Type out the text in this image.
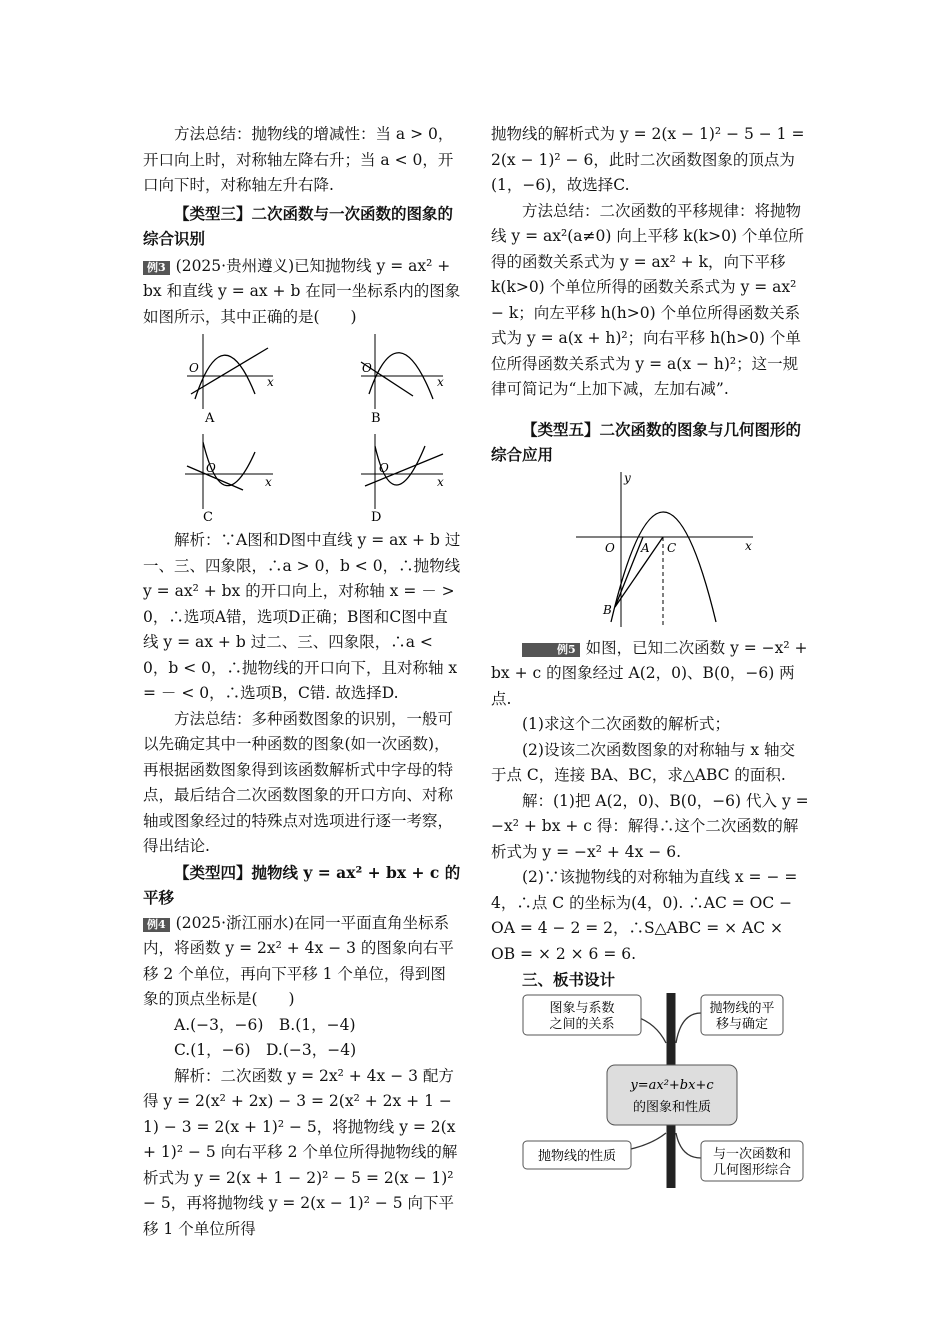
方法总结：抛物线的增减性：当 a > 0，开口向上时，对称轴左降右升；当 a < 0，开口向下时，对称轴左升右降.

【类型三】二次函数与一次函数的图象的综合识别

例3 (2025·贵州遵义)已知抛物线 y = ax² + bx 和直线 y = ax + b 在同一坐标系内的图象如图所示，其中正确的是(　　)

O
x
A
O
x
B
O
x
C
O
x
D

解析：∵A图和D图中直线 y = ax + b 过一、三、四象限，∴a > 0，b < 0，∴抛物线 y = ax² + bx 的开口向上，对称轴 x = － > 0，∴选项A错，选项D正确；B图和C图中直线 y = ax + b 过二、三、四象限，∴a < 0，b < 0，∴抛物线的开口向下，且对称轴 x = － < 0，∴选项B，C错. 故选择D.

方法总结：多种函数图象的识别，一般可以先确定其中一种函数的图象(如一次函数)，再根据函数图象得到该函数解析式中字母的特点，最后结合二次函数图象的开口方向、对称轴或图象经过的特殊点对选项进行逐一考察，得出结论.

【类型四】抛物线 y = ax² + bx + c 的平移

例4 (2025·浙江丽水)在同一平面直角坐标系内，将函数 y = 2x² + 4x − 3 的图象向右平移 2 个单位，再向下平移 1 个单位，得到图象的顶点坐标是(　　)

A.(−3，−6)　B.(1，−4)

C.(1，−6)　D.(−3，−4)

解析：二次函数 y = 2x² + 4x − 3 配方得 y = 2(x² + 2x) − 3 = 2(x² + 2x + 1 − 1) − 3 = 2(x + 1)² − 5，将抛物线 y = 2(x + 1)² − 5 向右平移 2 个单位所得抛物线的解析式为 y = 2(x + 1 − 2)² − 5 = 2(x − 1)² − 5，再将抛物线 y = 2(x − 1)² − 5 向下平移 1 个单位所得

抛物线的解析式为 y = 2(x − 1)² − 5 − 1 = 2(x − 1)² − 6，此时二次函数图象的顶点为(1，−6)，故选择C.

方法总结：二次函数的平移规律：将抛物线 y = ax²(a≠0) 向上平移 k(k>0) 个单位所得的函数关系式为 y = ax² + k，向下平移 k(k>0) 个单位所得的函数关系式为 y = ax² − k；向左平移 h(h>0) 个单位所得函数关系式为 y = a(x + h)²；向右平移 h(h>0) 个单位所得函数关系式为 y = a(x − h)²；这一规律可简记为“上加下减，左加右减”.

【类型五】二次函数的图象与几何图形的综合应用

y
O A C	x
B

例5 如图，已知二次函数 y = −x² + bx + c 的图象经过 A(2，0)、B(0，−6) 两点.

(1)求这个二次函数的解析式；

(2)设该二次函数图象的对称轴与 x 轴交于点 C，连接 BA、BC，求△ABC 的面积.

解：(1)把 A(2，0)、B(0，−6) 代入 y = −x² + bx + c 得：解得∴这个二次函数的解析式为 y = −x² + 4x − 6.

(2)∵该抛物线的对称轴为直线 x = − = 4，∴点 C 的坐标为(4，0). ∴AC = OC − OA = 4 − 2 = 2，∴S△ABC = × AC × OB = × 2 × 6 = 6.

三、板书设计

图象与系数
之间的关系
抛物线的平
移与确定
y=ax²+bx+c
的图象和性质
抛物线的性质	与一次函数和
几何图形综合
